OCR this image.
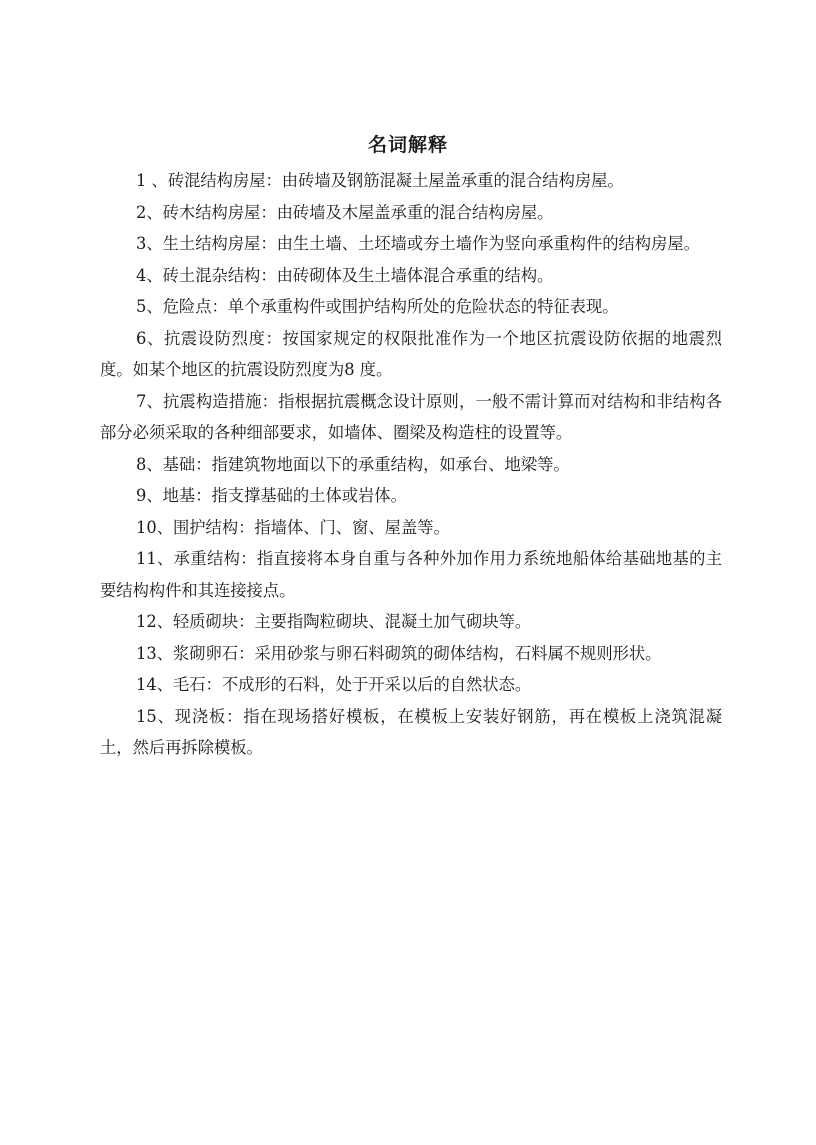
名词解释

1 、砖混结构房屋：由砖墙及钢筋混凝土屋盖承重的混合结构房屋。

2、砖木结构房屋：由砖墙及木屋盖承重的混合结构房屋。

3、生土结构房屋：由生土墙、土坯墙或夯土墙作为竖向承重构件的结构房屋。

4、砖土混杂结构：由砖砌体及生土墙体混合承重的结构。

5、危险点：单个承重构件或围护结构所处的危险状态的特征表现。

6、抗震设防烈度：按国家规定的权限批准作为一个地区抗震设防依据的地震烈度。如某个地区的抗震设防烈度为8 度。

7、抗震构造措施：指根据抗震概念设计原则，一般不需计算而对结构和非结构各部分必须采取的各种细部要求，如墙体、圈梁及构造柱的设置等。

8、基础：指建筑物地面以下的承重结构，如承台、地梁等。

9、地基：指支撑基础的土体或岩体。

10、围护结构：指墙体、门、窗、屋盖等。

11、承重结构：指直接将本身自重与各种外加作用力系统地船体给基础地基的主要结构构件和其连接接点。

12、轻质砌块：主要指陶粒砌块、混凝土加气砌块等。

13、浆砌卵石：采用砂浆与卵石料砌筑的砌体结构，石料属不规则形状。

14、毛石：不成形的石料，处于开采以后的自然状态。

15、现浇板：指在现场搭好模板，在模板上安装好钢筋，再在模板上浇筑混凝土，然后再拆除模板。
